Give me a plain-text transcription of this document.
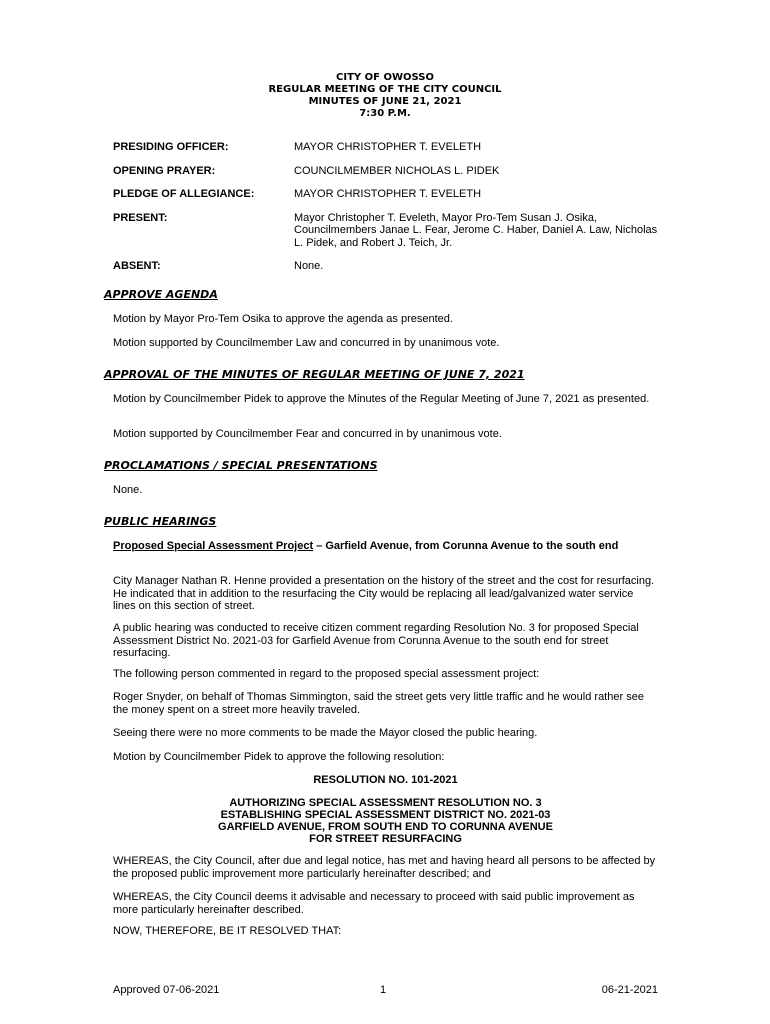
CITY OF OWOSSO
REGULAR MEETING OF THE CITY COUNCIL
MINUTES OF JUNE 21, 2021
7:30 P.M.
PRESIDING OFFICER:	MAYOR CHRISTOPHER T. EVELETH
OPENING PRAYER:	COUNCILMEMBER NICHOLAS L. PIDEK
PLEDGE OF ALLEGIANCE:	MAYOR CHRISTOPHER T. EVELETH
PRESENT:	Mayor Christopher T. Eveleth, Mayor Pro-Tem Susan J. Osika, Councilmembers Janae L. Fear, Jerome C. Haber, Daniel A. Law, Nicholas L. Pidek, and Robert J. Teich, Jr.
ABSENT:	None.
APPROVE AGENDA
Motion by Mayor Pro-Tem Osika to approve the agenda as presented.
Motion supported by Councilmember Law and concurred in by unanimous vote.
APPROVAL OF THE MINUTES OF REGULAR MEETING OF JUNE 7, 2021
Motion by Councilmember Pidek to approve the Minutes of the Regular Meeting of June 7, 2021 as presented.
Motion supported by Councilmember Fear and concurred in by unanimous vote.
PROCLAMATIONS / SPECIAL PRESENTATIONS
None.
PUBLIC HEARINGS
Proposed Special Assessment Project – Garfield Avenue, from Corunna Avenue to the south end
City Manager Nathan R. Henne provided a presentation on the history of the street and the cost for resurfacing. He indicated that in addition to the resurfacing the City would be replacing all lead/galvanized water service lines on this section of street.
A public hearing was conducted to receive citizen comment regarding Resolution No. 3 for proposed Special Assessment District No. 2021-03 for Garfield Avenue from Corunna Avenue to the south end for street resurfacing.
The following person commented in regard to the proposed special assessment project:
Roger Snyder, on behalf of Thomas Simmington, said the street gets very little traffic and he would rather see the money spent on a street more heavily traveled.
Seeing there were no more comments to be made the Mayor closed the public hearing.
Motion by Councilmember Pidek to approve the following resolution:
RESOLUTION NO. 101-2021
AUTHORIZING SPECIAL ASSESSMENT RESOLUTION NO. 3
ESTABLISHING SPECIAL ASSESSMENT DISTRICT NO. 2021-03
GARFIELD AVENUE, FROM SOUTH END TO CORUNNA AVENUE
FOR STREET RESURFACING
WHEREAS, the City Council, after due and legal notice, has met and having heard all persons to be affected by the proposed public improvement more particularly hereinafter described; and
WHEREAS, the City Council deems it advisable and necessary to proceed with said public improvement as more particularly hereinafter described.
NOW, THEREFORE, BE IT RESOLVED THAT:
Approved 07-06-2021	1	06-21-2021
